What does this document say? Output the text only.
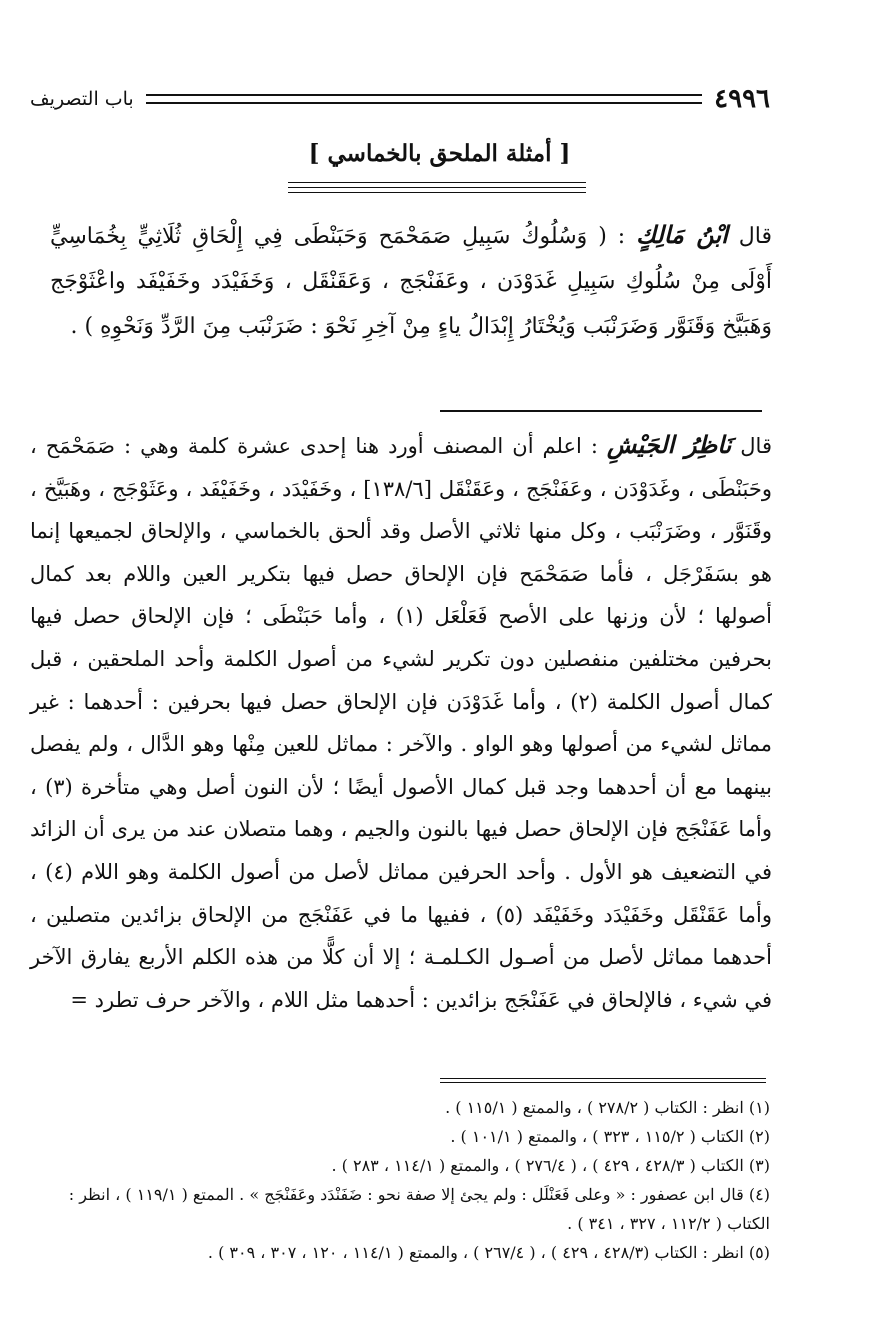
٤٩٩٦
باب التصريف
[ أمثلة الملحق بالخماسي ]
قال ابْنُ مَالِكٍ : ( وَسُلُوكُ سَبِيلِ صَمَحْمَح وَحَبَنْطَى فِي إِلْحَاقِ ثُلَاثِيٍّ بِخُمَاسِيٍّ أَوْلَى مِنْ سُلُوكِ سَبِيلِ غَدَوْدَن ، وعَفَنْجَج ، وَعَقَنْقَل ، وَخَفَيْدَد وخَفَيْفَد واعْثَوْجَج وَهَبَيَّخ وَقَنَوَّر وَضَرَنْبَب وَيُخْتَارُ إِبْدَالُ ياءٍ مِنْ آخِرِ نَحْوَ : ضَرَنْبَب مِنَ الرَّدِّ وَنَحْوِهِ ) .
قال نَاظِرُ الجَيْشِ : اعلم أن المصنف أورد هنا إحدى عشرة كلمة وهي : صَمَحْمَح ، وحَبَنْطَى ، وغَدَوْدَن ، وعَفَنْجَج ، وعَقَنْقَل [١٣٨/٦] ، وخَفَيْدَد ، وخَفَيْفَد ، وعَثَوْجَج ، وهَبَيَّخ ، وقَنَوَّر ، وضَرَنْبَب ، وكل منها ثلاثي الأصل وقد ألحق بالخماسي ، والإلحاق لجميعها إنما هو بسَفَرْجَل ، فأما صَمَحْمَح فإن الإلحاق حصل فيها بتكرير العين واللام بعد كمال أصولها ؛ لأن وزنها على الأصح فَعَلْعَل (١) ، وأما حَبَنْطَى ؛ فإن الإلحاق حصل فيها بحرفين مختلفين منفصلين دون تكرير لشيء من أصول الكلمة وأحد الملحقين ، قبل كمال أصول الكلمة (٢) ، وأما غَدَوْدَن فإن الإلحاق حصل فيها بحرفين : أحدهما : غير مماثل لشيء من أصولها وهو الواو . والآخر : مماثل للعين مِنْها وهو الدَّال ، ولم يفصل بينهما مع أن أحدهما وجد قبل كمال الأصول أيضًا ؛ لأن النون أصل وهي متأخرة (٣) ، وأما عَفَنْجَج فإن الإلحاق حصل فيها بالنون والجيم ، وهما متصلان عند من يرى أن الزائد في التضعيف هو الأول . وأحد الحرفين مماثل لأصل من أصول الكلمة وهو اللام (٤) ، وأما عَقَنْقَل وخَفَيْدَد وخَفَيْفَد (٥) ، ففيها ما في عَفَنْجَج من الإلحاق بزائدين متصلين ، أحدهما مماثل لأصل من أصـول الكـلمـة ؛ إلا أن كلًّا من هذه الكلم الأربع يفارق الآخر في شيء ، فالإلحاق في عَفَنْجَج بزائدين : أحدهما مثل اللام ، والآخر حرف تطرد =

(١) انظر : الكتاب ( ٢٧٨/٢ ) ، والممتع ( ١١٥/١ ) .

(٢) الكتاب ( ١١٥/٢ ، ٣٢٣ ) ، والممتع ( ١٠١/١ ) .

(٣) الكتاب ( ٤٢٨/٣ ، ٤٢٩ ) ، ( ٢٧٦/٤ ) ، والممتع ( ١١٤/١ ، ٢٨٣ ) .

(٤) قال ابن عصفور : « وعلى فَعَنْلَل : ولم يجئ إلا صفة نحو : ضَفَنْدَد وعَفَنْجَج » . الممتع ( ١١٩/١ ) ، انظر : الكتاب ( ١١٢/٢ ، ٣٢٧ ، ٣٤١ ) .

(٥) انظر : الكتاب (٤٢٨/٣ ، ٤٢٩ ) ، ( ٢٦٧/٤ ) ، والممتع ( ١١٤/١ ، ١٢٠ ، ٣٠٧ ، ٣٠٩ ) .
